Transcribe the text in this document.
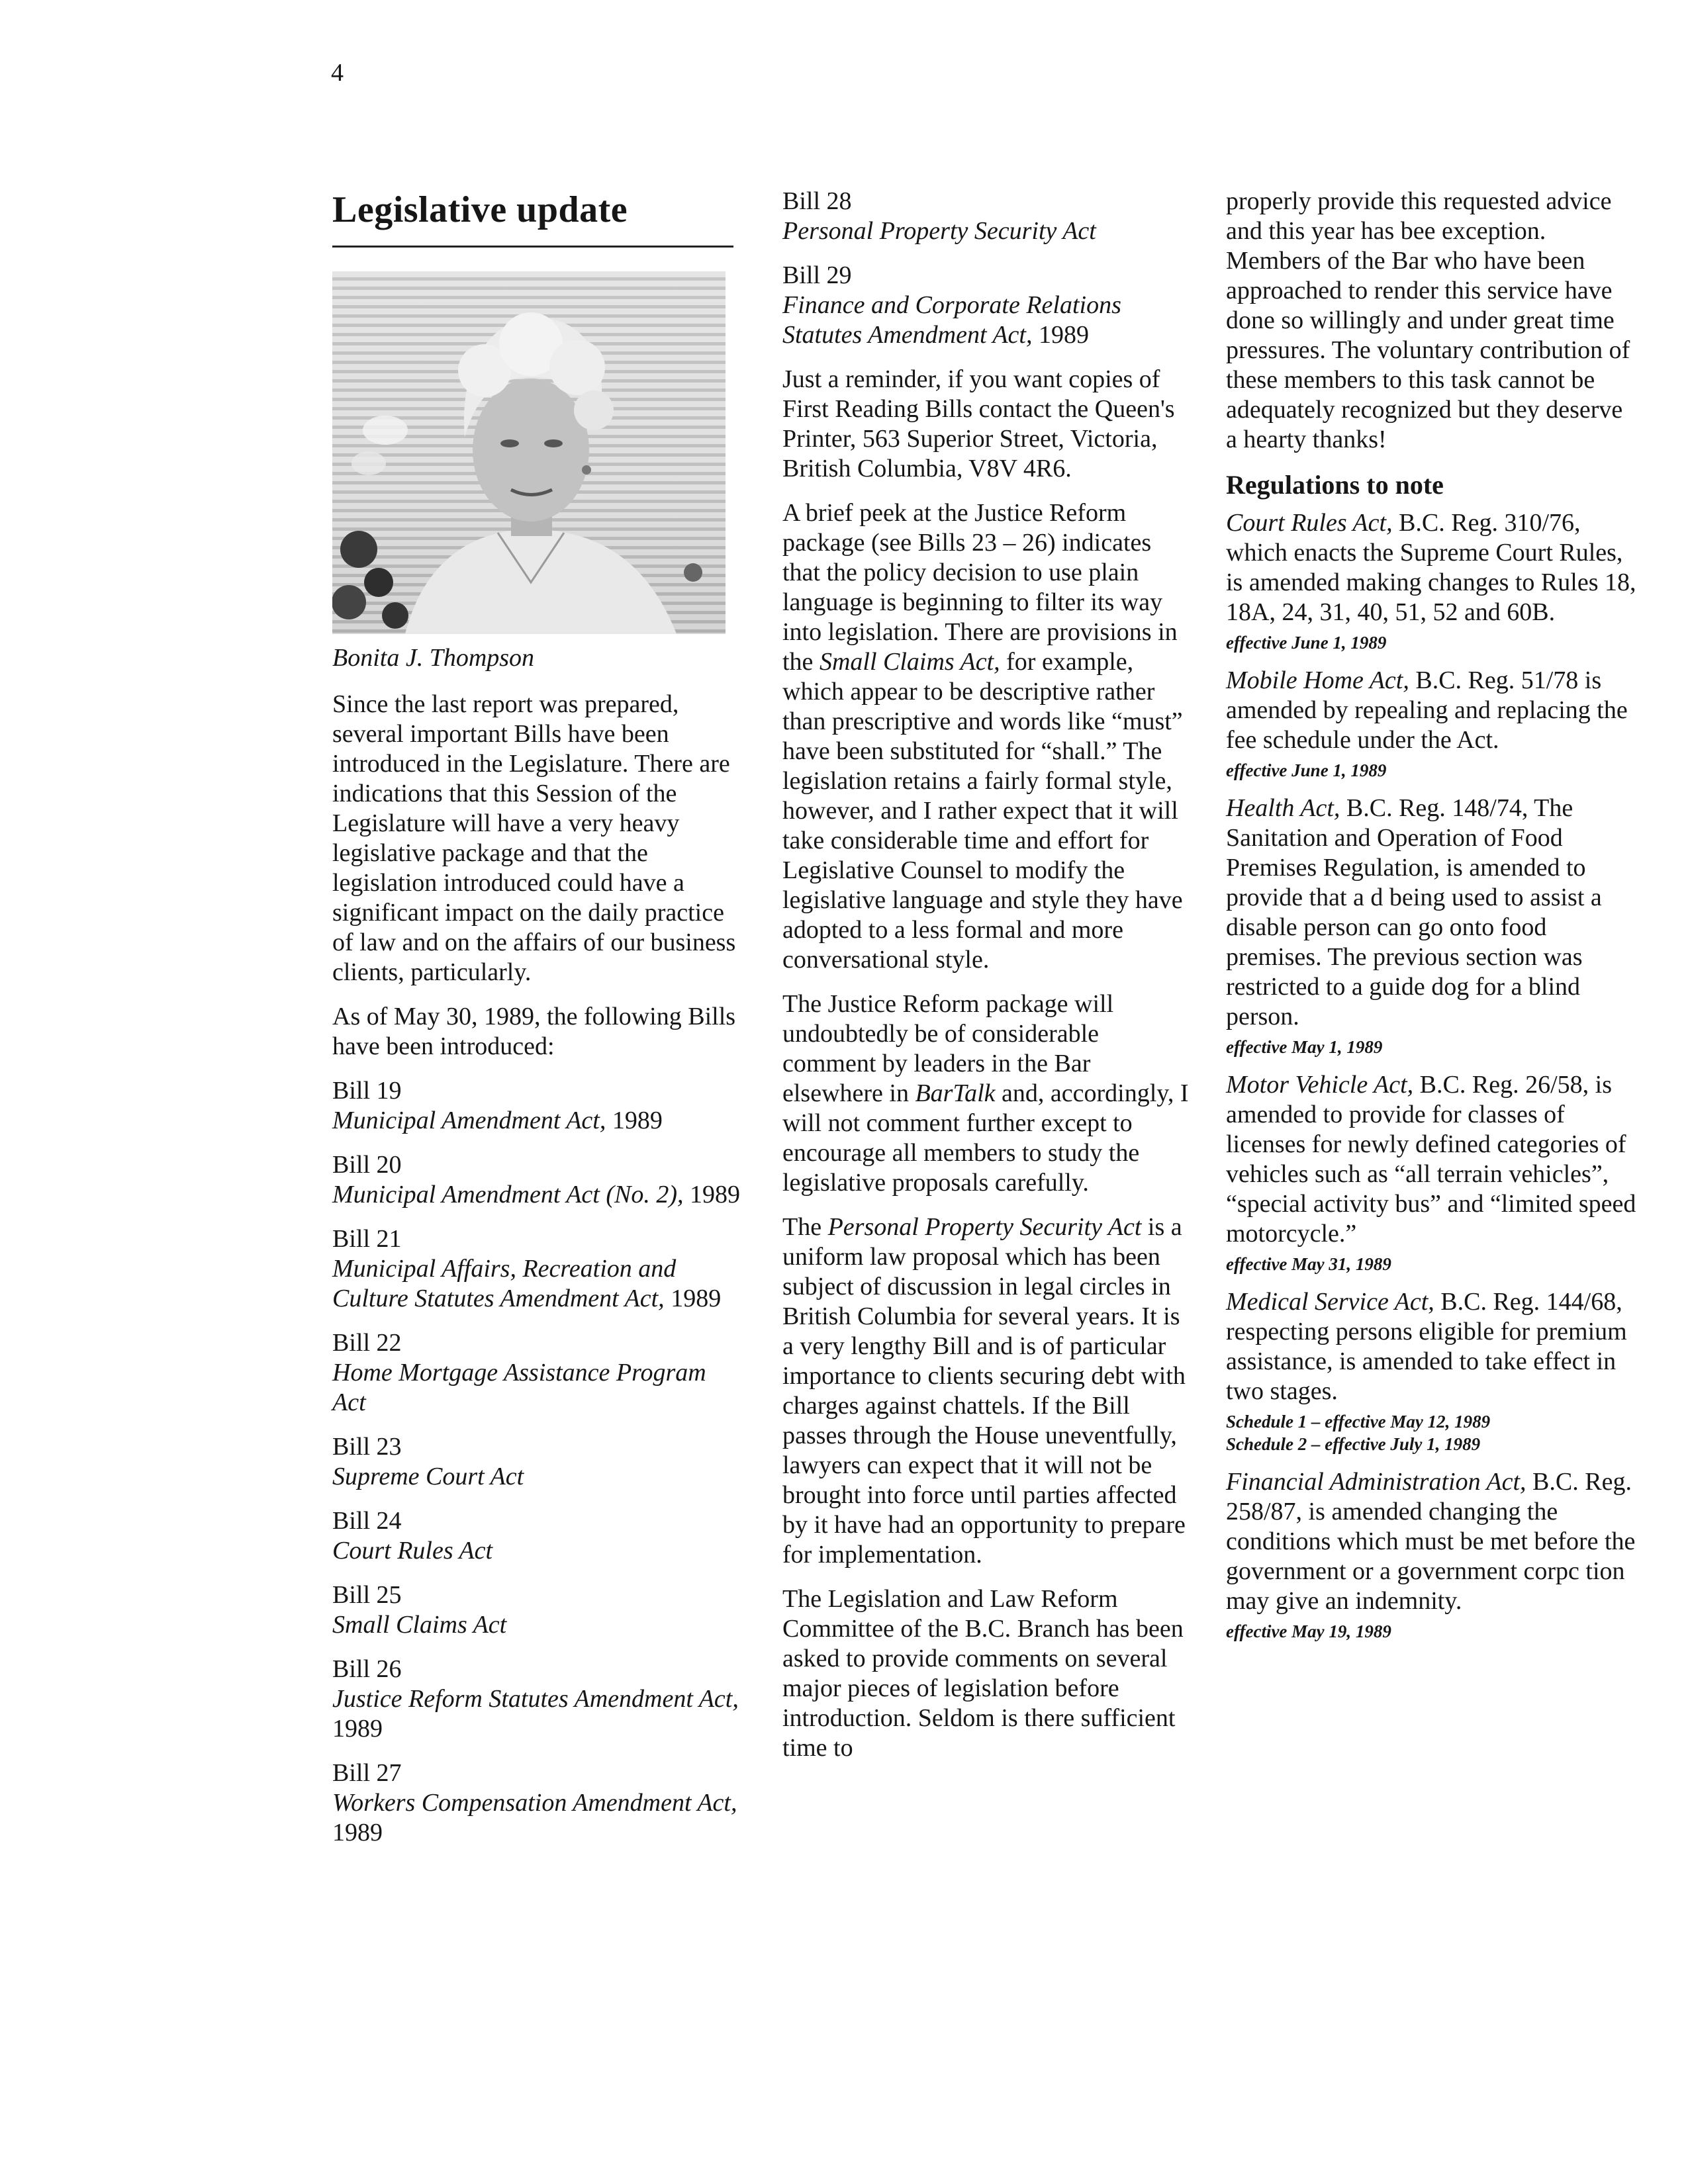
4
Legislative update
Bonita J. Thompson

Since the last report was prepared, several important Bills have been introduced in the Legislature. There are indications that this Session of the Legislature will have a very heavy legislative package and that the legislation introduced could have a significant impact on the daily practice of law and on the affairs of our business clients, particularly.

As of May 30, 1989, the following Bills have been introduced:

Bill 19
Municipal Amendment Act, 1989
Bill 20
Municipal Amendment Act (No. 2), 1989
Bill 21
Municipal Affairs, Recreation and Culture Statutes Amendment Act, 1989
Bill 22
Home Mortgage Assistance Program Act
Bill 23
Supreme Court Act
Bill 24
Court Rules Act
Bill 25
Small Claims Act
Bill 26
Justice Reform Statutes Amendment Act, 1989
Bill 27
Workers Compensation Amendment Act, 1989
Bill 28
Personal Property Security Act
Bill 29
Finance and Corporate Relations Statutes Amendment Act, 1989

Just a reminder, if you want copies of First Reading Bills contact the Queen's Printer, 563 Superior Street, Victoria, British Columbia, V8V 4R6.

A brief peek at the Justice Reform package (see Bills 23 – 26) indicates that the policy decision to use plain language is beginning to filter its way into legislation. There are provisions in the Small Claims Act, for example, which appear to be descriptive rather than prescriptive and words like “must” have been substituted for “shall.” The legislation retains a fairly formal style, however, and I rather expect that it will take considerable time and effort for Legislative Counsel to modify the legislative language and style they have adopted to a less formal and more conversational style.

The Justice Reform package will undoubtedly be of considerable comment by leaders in the Bar elsewhere in BarTalk and, accordingly, I will not comment further except to encourage all members to study the legislative proposals carefully.

The Personal Property Security Act is a uniform law proposal which has been subject of discussion in legal circles in British Columbia for several years. It is a very lengthy Bill and is of particular importance to clients securing debt with charges against chattels. If the Bill passes through the House uneventfully, lawyers can expect that it will not be brought into force until parties affected by it have had an opportunity to prepare for implementation.

The Legislation and Law Reform Committee of the B.C. Branch has been asked to provide comments on several major pieces of legislation before introduction. Seldom is there sufficient time to

properly provide this requested advice and this year has bee exception. Members of the Bar who have been approached to render this service have done so willingly and under great time pressures. The voluntary contribution of these members to this task cannot be adequately recognized but they deserve a hearty thanks!

Regulations to note

Court Rules Act, B.C. Reg. 310/76, which enacts the Supreme Court Rules, is amended making changes to Rules 18, 18A, 24, 31, 40, 51, 52 and 60B.

effective June 1, 1989

Mobile Home Act, B.C. Reg. 51/78 is amended by repealing and replacing the fee schedule under the Act.

effective June 1, 1989

Health Act, B.C. Reg. 148/74, The Sanitation and Operation of Food Premises Regulation, is amended to provide that a d being used to assist a disable person can go onto food premises. The previous section was restricted to a guide dog for a blind person.

effective May 1, 1989

Motor Vehicle Act, B.C. Reg. 26/58, is amended to provide for classes of licenses for newly defined categories of vehicles such as “all terrain vehicles”, “special activity bus” and “limited speed motorcycle.”

effective May 31, 1989

Medical Service Act, B.C. Reg. 144/68, respecting persons eligible for premium assistance, is amended to take effect in two stages.

Schedule 1 – effective May 12, 1989
Schedule 2 – effective July 1, 1989

Financial Administration Act, B.C. Reg. 258/87, is amended changing the conditions which must be met before the government or a government corpc tion may give an indemnity.

effective May 19, 1989
